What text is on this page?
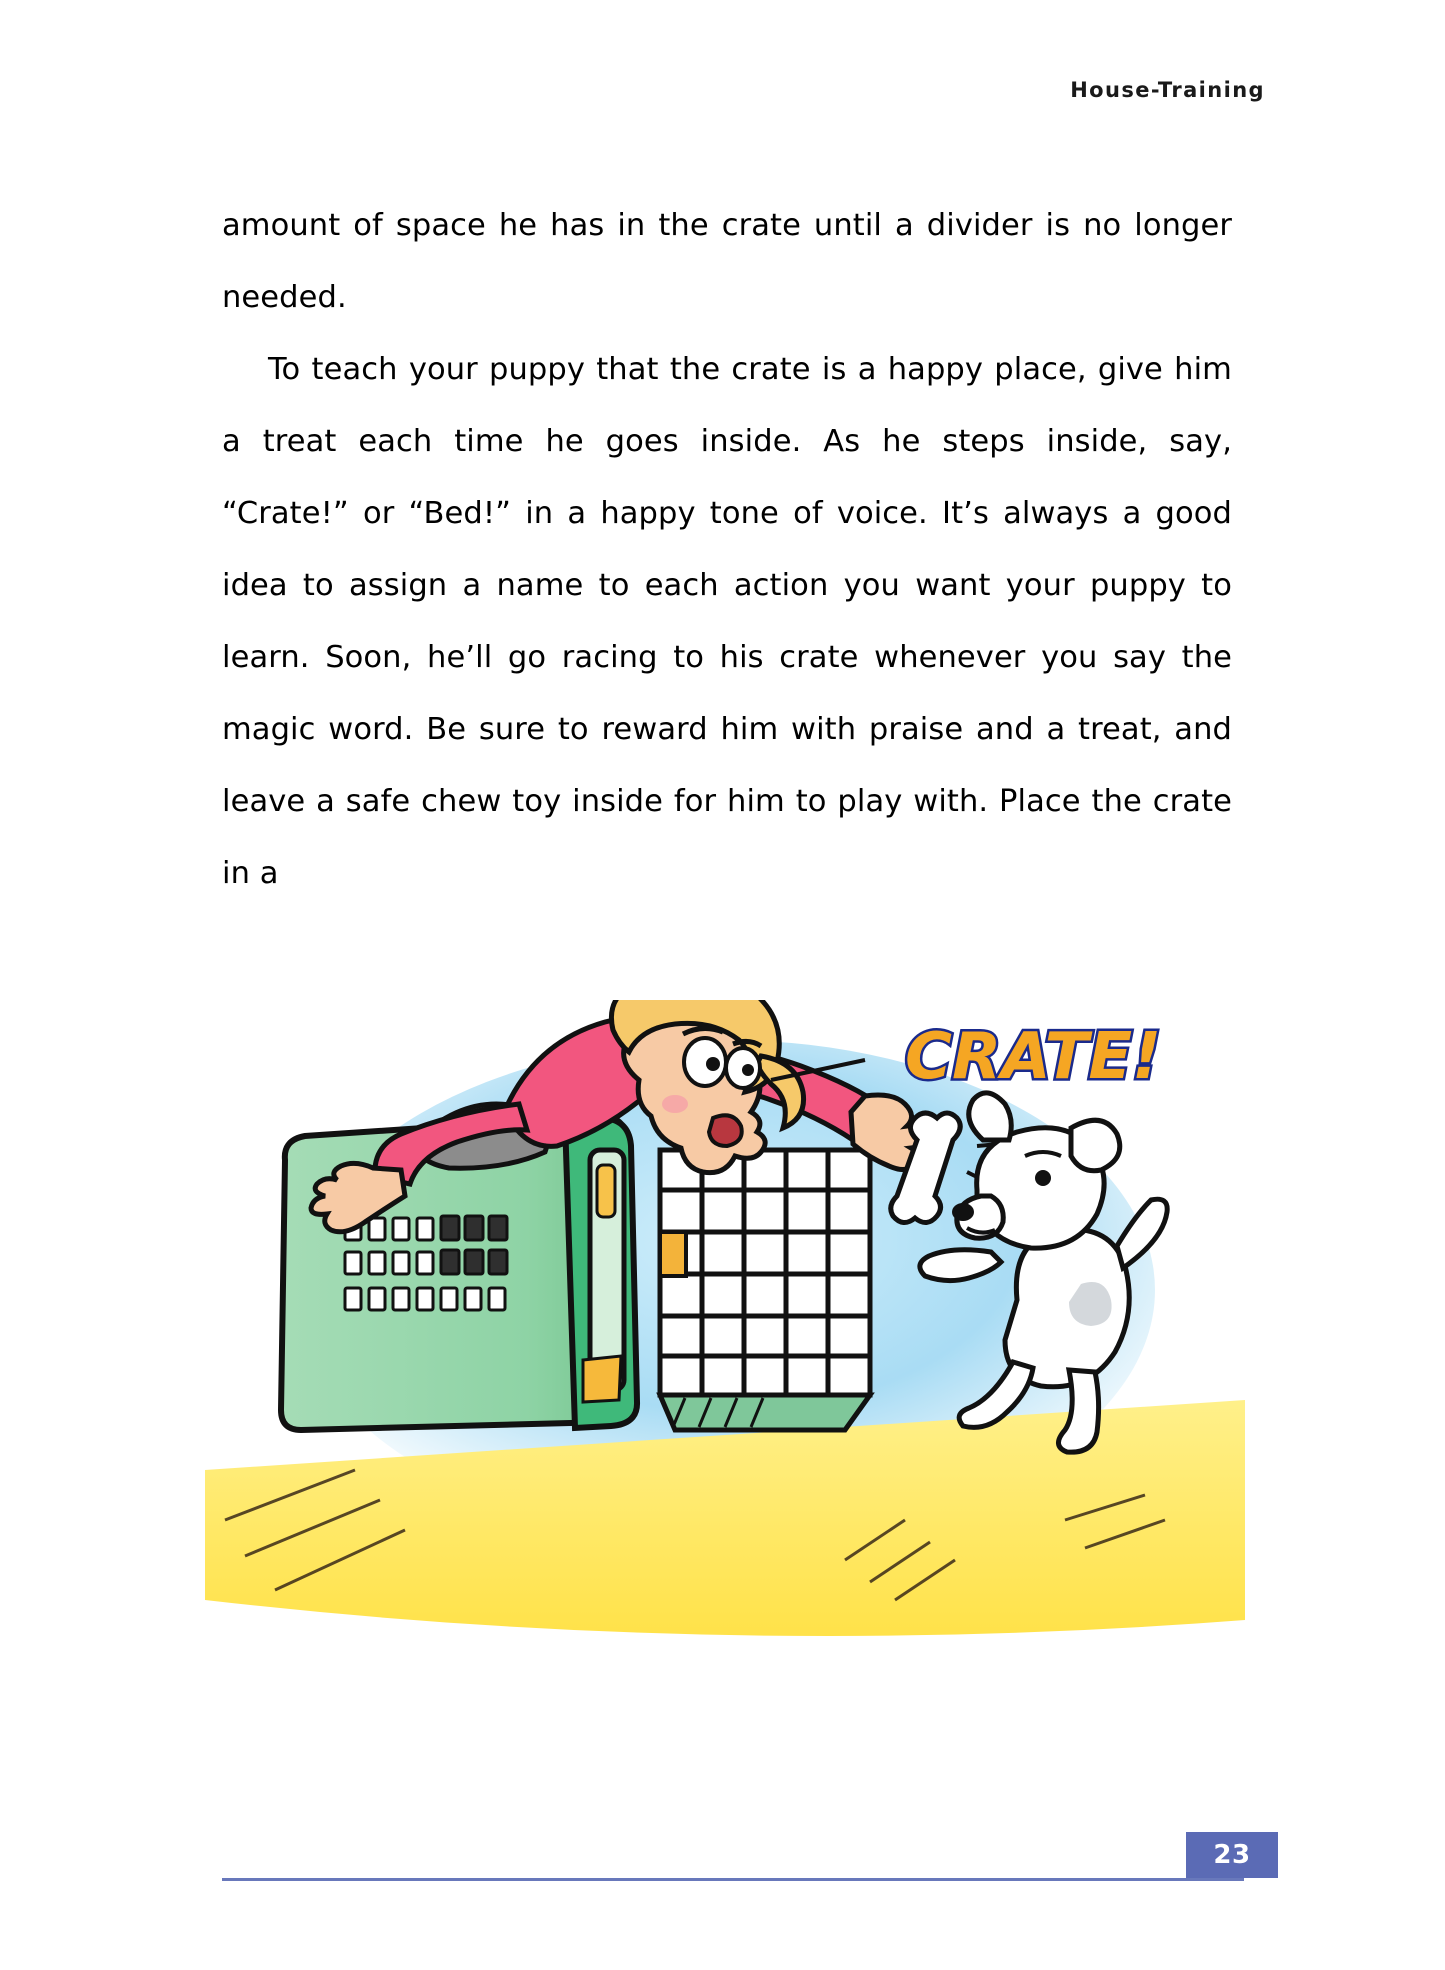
House-Training

amount of space he has in the crate until a divider is no longer needed.

To teach your puppy that the crate is a happy place, give him a treat each time he goes inside. As he steps inside, say, “Crate!” or “Bed!” in a happy tone of voice. It’s always a good idea to assign a name to each action you want your puppy to learn. Soon, he’ll go racing to his crate whenever you say the magic word. Be sure to reward him with praise and a treat, and leave a safe chew toy inside for him to play with. Place the crate in a

CRATE!
23
